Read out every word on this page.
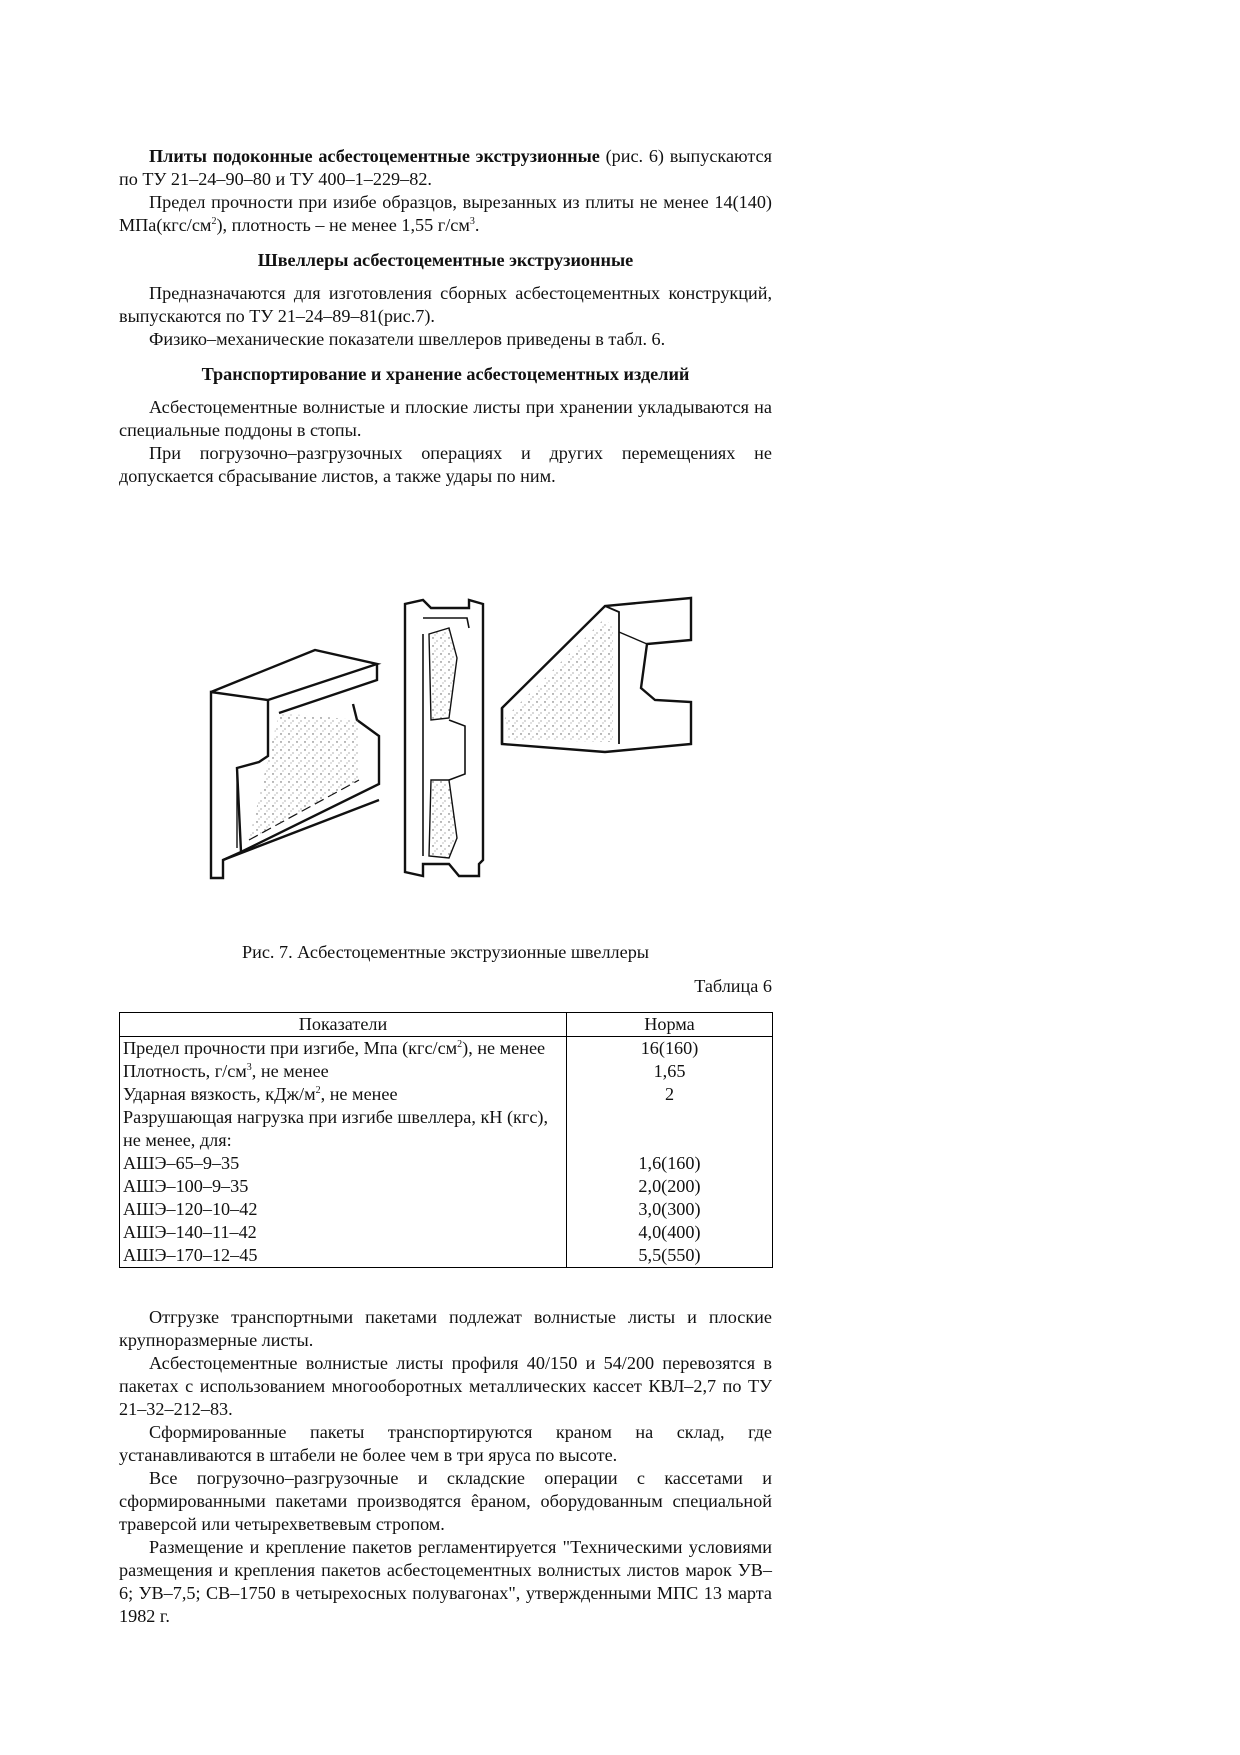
Плиты подоконные асбестоцементные экструзионные (рис. 6) выпускаются по ТУ 21–24–90–80 и ТУ 400–1–229–82.

Предел прочности при изибе образцов, вырезанных из плиты не менее 14(140) $МПа(кгс/см^2)$, плотность – не менее 1,55 $г/см^3$.

Швеллеры асбестоцементные экструзионные

Предназначаются для изготовления сборных асбестоцементных конструкций, выпускаются по ТУ 21–24–89–81(рис.7).

Физико–механические показатели швеллеров приведены в табл. 6.

Транспортирование и хранение асбестоцементных изделий

Асбестоцементные волнистые и плоские листы при хранении укладываются на специальные поддоны в стопы.

При погрузочно–разгрузочных операциях и других перемещениях не допускается сбрасывание листов, а также удары по ним.

Рис. 7. Асбестоцементные экструзионные швеллеры
Таблица 6
Показатели	Норма
Предел прочности при изгибе, Мпа $(кгс/см^2)$, не менее	16(160)
Плотность, $г/см^3$, не менее	1,65
Ударная вязкость, кДж/$м^2$, не менее	2
Разрушающая нагрузка при изгибе швеллера, кН (кгс), не менее, для:	
АШЭ–65–9–35	1,6(160)
АШЭ–100–9–35	2,0(200)
АШЭ–120–10–42	3,0(300)
АШЭ–140–11–42	4,0(400)
АШЭ–170–12–45	5,5(550)

Отгрузке транспортными пакетами подлежат волнистые листы и плоские крупноразмерные листы.

Асбестоцементные волнистые листы профиля 40/150 и 54/200 перевозятся в пакетах с использованием многооборотных металлических кассет КВЛ–2,7 по ТУ 21–32–212–83.

Сформированные пакеты транспортируются краном на склад, где устанавливаются в штабели не более чем в три яруса по высоте.

Все погрузочно–разгрузочные и складские операции с кассетами и сформированными пакетами производятся êраном, оборудованным специальной траверсой или четырехветвевым стропом.

Размещение и крепление пакетов регламентируется "Техническими условиями размещения и крепления пакетов асбестоцементных волнистых листов марок УВ–6; УВ–7,5; СВ–1750 в четырехосных полувагонах", утвержденными МПС 13 марта 1982 г.
